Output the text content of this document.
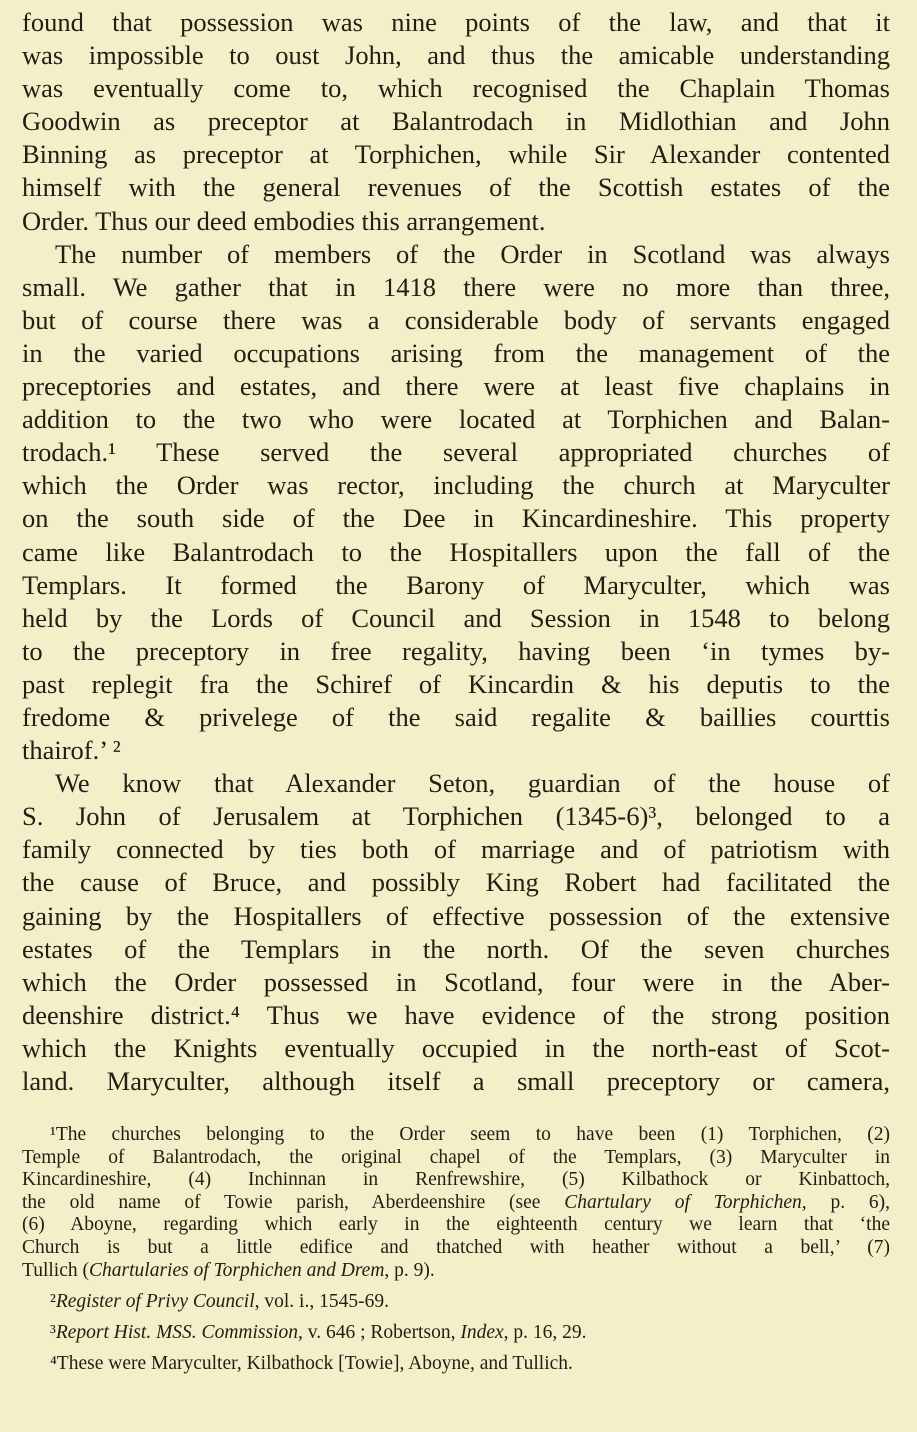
found that possession was nine points of the law, and that it
was impossible to oust John, and thus the amicable understanding
was eventually come to, which recognised the Chaplain Thomas
Goodwin as preceptor at Balantrodach in Midlothian and John
Binning as preceptor at Torphichen, while Sir Alexander contented
himself with the general revenues of the Scottish estates of the
Order. Thus our deed embodies this arrangement.
The number of members of the Order in Scotland was always
small. We gather that in 1418 there were no more than three,
but of course there was a considerable body of servants engaged
in the varied occupations arising from the management of the
preceptories and estates, and there were at least five chaplains in
addition to the two who were located at Torphichen and Balan-
trodach.¹ These served the several appropriated churches of
which the Order was rector, including the church at Maryculter
on the south side of the Dee in Kincardineshire. This property
came like Balantrodach to the Hospitallers upon the fall of the
Templars. It formed the Barony of Maryculter, which was
held by the Lords of Council and Session in 1548 to belong
to the preceptory in free regality, having been ‘in tymes by-
past replegit fra the Schiref of Kincardin & his deputis to the
fredome & privelege of the said regalite & baillies courttis
thairof.’ ²
We know that Alexander Seton, guardian of the house of
S. John of Jerusalem at Torphichen (1345-6)³, belonged to a
family connected by ties both of marriage and of patriotism with
the cause of Bruce, and possibly King Robert had facilitated the
gaining by the Hospitallers of effective possession of the extensive
estates of the Templars in the north. Of the seven churches
which the Order possessed in Scotland, four were in the Aber-
deenshire district.⁴ Thus we have evidence of the strong position
which the Knights eventually occupied in the north-east of Scot-
land. Maryculter, although itself a small preceptory or camera,
¹The churches belonging to the Order seem to have been (1) Torphichen, (2)
Temple of Balantrodach, the original chapel of the Templars, (3) Maryculter in
Kincardineshire, (4) Inchinnan in Renfrewshire, (5) Kilbathock or Kinbattoch,
the old name of Towie parish, Aberdeenshire (see Chartulary of Torphichen, p. 6),
(6) Aboyne, regarding which early in the eighteenth century we learn that ‘the
Church is but a little edifice and thatched with heather without a bell,’ (7)
Tullich (Chartularies of Torphichen and Drem, p. 9).
²Register of Privy Council, vol. i., 1545-69.
³Report Hist. MSS. Commission, v. 646 ; Robertson, Index, p. 16, 29.
⁴These were Maryculter, Kilbathock [Towie], Aboyne, and Tullich.
